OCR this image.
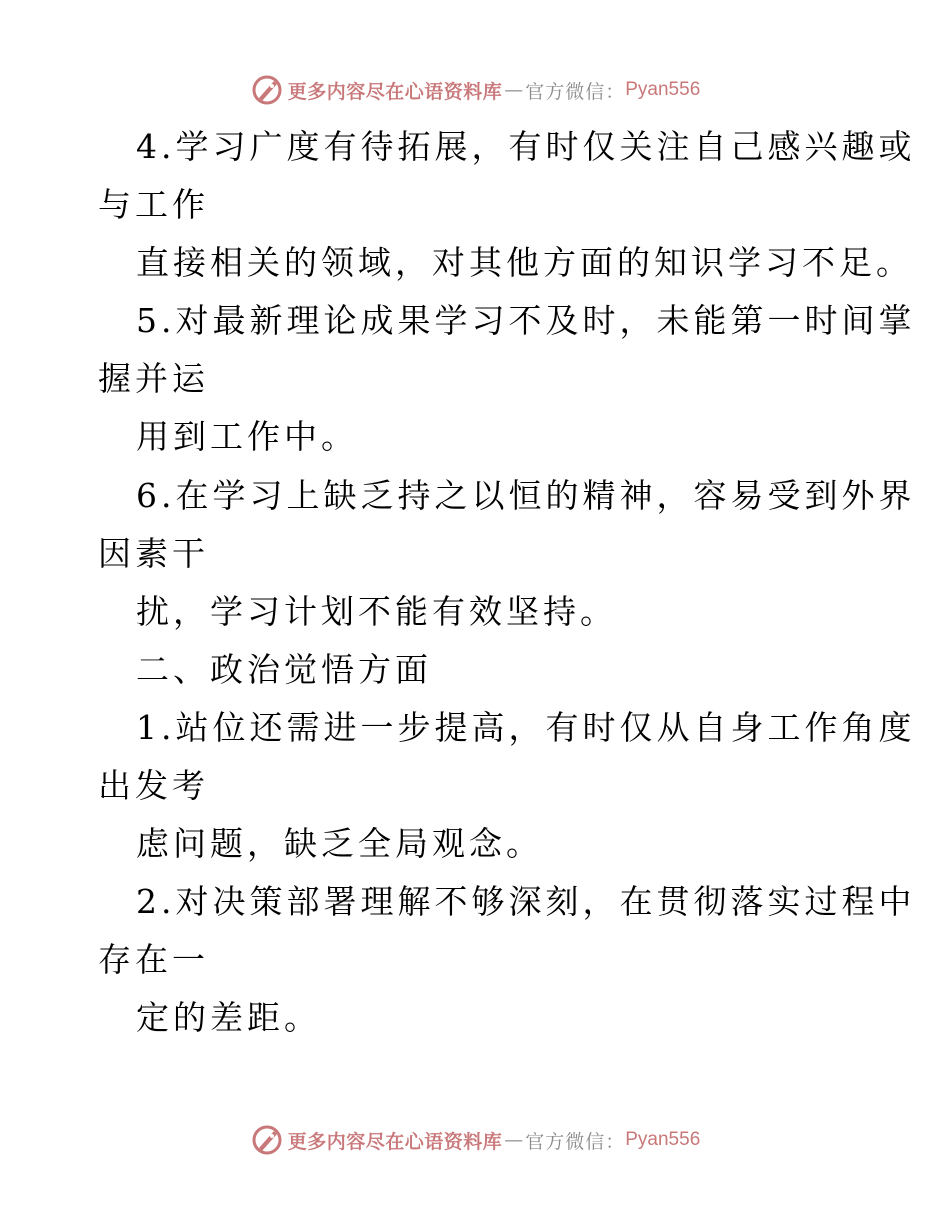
更多内容尽在心语资料库 — 官方微信： Pyan556
4.学习广度有待拓展，有时仅关注自己感兴趣或
与工作
直接相关的领域，对其他方面的知识学习不足。
5.对最新理论成果学习不及时，未能第一时间掌
握并运
用到工作中。
6.在学习上缺乏持之以恒的精神，容易受到外界
因素干
扰，学习计划不能有效坚持。
二、政治觉悟方面
1.站位还需进一步提高，有时仅从自身工作角度
出发考
虑问题，缺乏全局观念。
2.对决策部署理解不够深刻，在贯彻落实过程中
存在一
定的差距。
更多内容尽在心语资料库 — 官方微信： Pyan556
